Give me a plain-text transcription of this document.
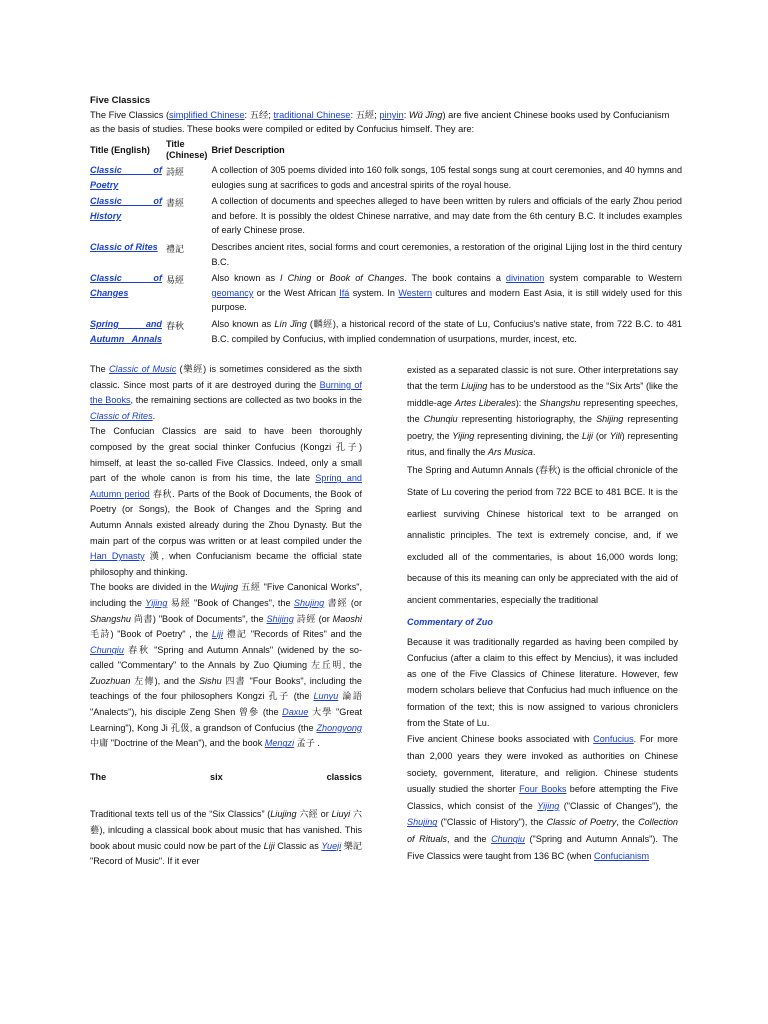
Five Classics
The Five Classics (simplified Chinese: 五经; traditional Chinese: 五經; pinyin: Wǔ Jīng) are five ancient Chinese books used by Confucianism as the basis of studies. These books were compiled or edited by Confucius himself. They are:
Title (English)	Title (Chinese)	Brief Description
Classic of Poetry	詩經	A collection of 305 poems divided into 160 folk songs, 105 festal songs sung at court ceremonies, and 40 hymns and eulogies sung at sacrifices to gods and ancestral spirits of the royal house.
Classic of History	書經	A collection of documents and speeches alleged to have been written by rulers and officials of the early Zhou period and before. It is possibly the oldest Chinese narrative, and may date from the 6th century B.C. It includes examples of early Chinese prose.
Classic of Rites	禮記	Describes ancient rites, social forms and court ceremonies, a restoration of the original Lijing lost in the third century B.C.
Classic of Changes	易經	Also known as I Ching or Book of Changes. The book contains a divination system comparable to Western geomancy or the West African Ifá system. In Western cultures and modern East Asia, it is still widely used for this purpose.
Spring and Autumn Annals	春秋	Also known as Lín Jīng (麟經), a historical record of the state of Lu, Confucius's native state, from 722 B.C. to 481 B.C. compiled by Confucius, with implied condemnation of usurpations, murder, incest, etc.

The Classic of Music (樂經) is sometimes considered as the sixth classic. Since most parts of it are destroyed during the Burning of the Books, the remaining sections are collected as two books in the Classic of Rites.

The Confucian Classics are said to have been thoroughly composed by the great social thinker Confucius (Kongzi 孔子) himself, at least the so-called Five Classics. Indeed, only a small part of the whole canon is from his time, the late Spring and Autumn period 春秋. Parts of the Book of Documents, the Book of Poetry (or Songs), the Book of Changes and the Spring and Autumn Annals existed already during the Zhou Dynasty. But the main part of the corpus was written or at least compiled under the Han Dynasty 漢, when Confucianism became the official state philosophy and thinking.

The books are divided in the Wujing 五經 "Five Canonical Works", including the Yijing 易經 "Book of Changes", the Shujing 書經 (or Shangshu 尚書) "Book of Documents", the Shijing 詩經 (or Maoshi 毛詩) "Book of Poetry" , the Liji 禮記 "Records of Rites" and the Chunqiu 春秋 "Spring and Autumn Annals" (widened by the so-called "Commentary" to the Annals by Zuo Qiuming 左丘明, the Zuozhuan 左傳), and the Sishu 四書 "Four Books", including the teachings of the four philosophers Kongzi 孔子 (the Lunyu 論語 "Analects"), his disciple Zeng Shen 曾參 (the Daxue 大學 "Great Learning"), Kong Ji 孔伋, a grandson of Confucius (the Zhongyong 中庸 "Doctrine of the Mean"), and the book Mengzi 孟子 .

The	six	classics

Traditional texts tell us of the “Six Classics” (Liujing 六經 or Liuyi 六藝), inlcuding a classical book about music that has vanished. This book about music could now be part of the Liji Classic as Yueji 樂記 "Record of Music". If it ever

existed as a separated classic is not sure. Other interpretations say that the term Liujing has to be understood as the “Six Arts” (like the middle-age Artes Liberales): the Shangshu representing speeches, the Chunqiu representing historiography, the Shijing representing poetry, the Yijing representing divining, the Liji (or Yili) representing ritus, and finally the Ars Musica.

The Spring and Autumn Annals (春秋) is the official chronicle of the State of Lu covering the period from 722 BCE to 481 BCE. It is the earliest surviving Chinese historical text to be arranged on annalistic principles. The text is extremely concise, and, if we excluded all of the commentaries, is about 16,000 words long; because of this its meaning can only be appreciated with the aid of ancient commentaries, especially the traditional

Commentary of Zuo

Because it was traditionally regarded as having been compiled by Confucius (after a claim to this effect by Mencius), it was included as one of the Five Classics of Chinese literature. However, few modern scholars believe that Confucius had much influence on the formation of the text; this is now assigned to various chroniclers from the State of Lu.

Five ancient Chinese books associated with Confucius. For more than 2,000 years they were invoked as authorities on Chinese society, government, literature, and religion. Chinese students usually studied the shorter Four Books before attempting the Five Classics, which consist of the Yijing ("Classic of Changes"), the Shujing ("Classic of History"), the Classic of Poetry, the Collection of Rituals, and the Chunqiu ("Spring and Autumn Annals"). The Five Classics were taught from 136 BC (when Confucianism
